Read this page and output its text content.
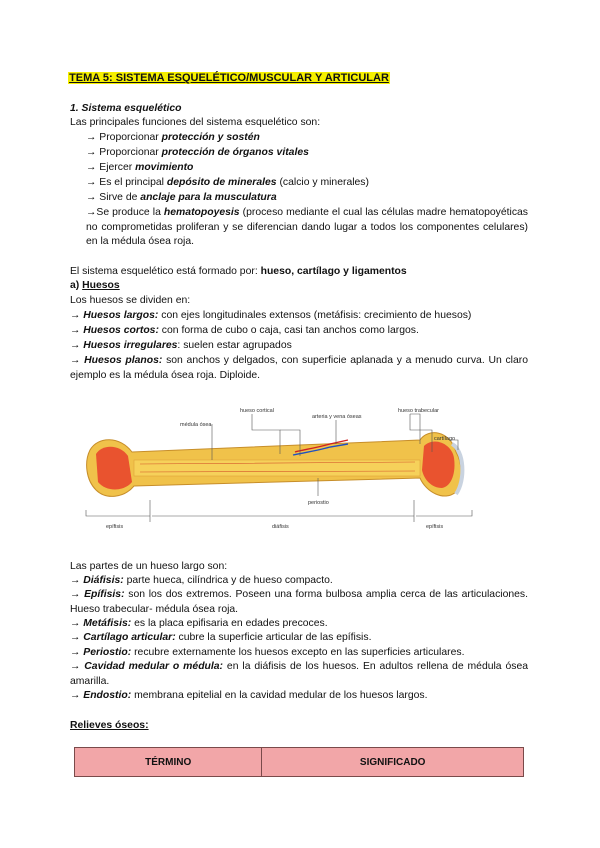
TEMA 5: SISTEMA ESQUELÉTICO/MUSCULAR Y ARTICULAR
1. Sistema esquelético
Las principales funciones del sistema esquelético son:
→ Proporcionar protección y sostén
→ Proporcionar protección de órganos vitales
→ Ejercer movimiento
→ Es el principal depósito de minerales (calcio y minerales)
→ Sirve de anclaje para la musculatura
→Se produce la hematopoyesis (proceso mediante el cual las células madre hematopoyéticas no comprometidas proliferan y se diferencian dando lugar a todos los componentes celulares) en la médula ósea roja.
El sistema esquelético está formado por: hueso, cartílago y ligamentos
a) Huesos
Los huesos se dividen en:
→ Huesos largos: con ejes longitudinales extensos (metáfisis: crecimiento de huesos)
→ Huesos cortos: con forma de cubo o caja, casi tan anchos como largos.
→ Huesos irregulares: suelen estar agrupados
→ Huesos planos: son anchos y delgados, con superficie aplanada y a menudo curva. Un claro ejemplo es la médula ósea roja. Diploide.
Las partes de un hueso largo son:
→ Diáfisis: parte hueca, cilíndrica y de hueso compacto.
→ Epífisis: son los dos extremos. Poseen una forma bulbosa amplia cerca de las articulaciones. Hueso trabecular- médula ósea roja.
→ Metáfisis: es la placa epifisaria en edades precoces.
→ Cartílago articular: cubre la superficie articular de las epífisis.
→ Periostio: recubre externamente los huesos excepto en las superficies articulares.
→ Cavidad medular o médula: en la diáfisis de los huesos. En adultos rellena de médula ósea amarilla.
→ Endostio: membrana epitelial en la cavidad medular de los huesos largos.
Relieves óseos:
médula ósea
hueso cortical
arteria y vena óseas
hueso trabecular
cartílago
periostio
epífisis	diáfisis	epífisis
TÉRMINO	SIGNIFICADO
